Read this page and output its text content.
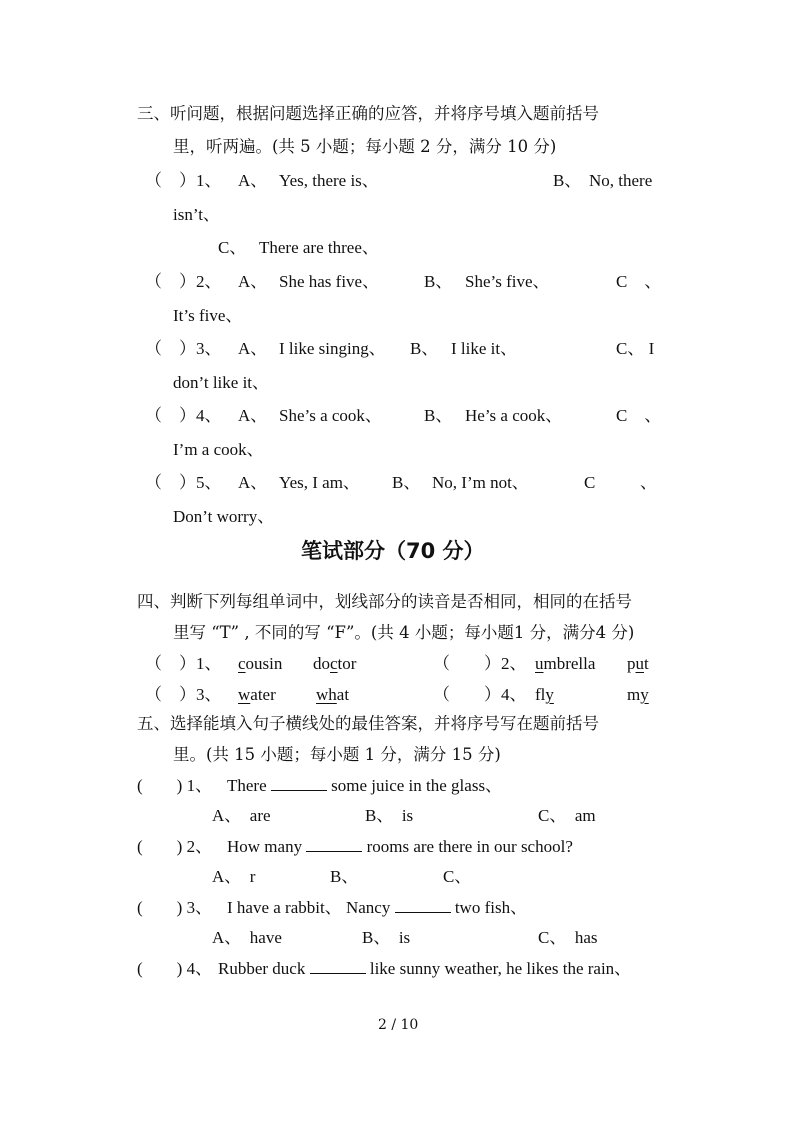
三、听问题，根据问题选择正确的应答，并将序号填入题前括号
里，听两遍。(共 5 小题；每小题 2 分，满分 10 分)
（　）1、 A、 Yes, there is、	B、 No, there
isn’t、
C、 There are three、
（　）2、 A、 She has five、	B、 She’s five、	C　、
It’s five、
（　）3、 A、 I like singing、 B、 I like it、	C、 I
don’t like it、
（　）4、 A、 She’s a cook、 B、 He’s a cook、	C　、
I’m a cook、
（　）5、 A、 Yes, I am、 B、 No, I’m not、	C	、
Don’t worry、
笔试部分（70 分）
四、判断下列每组单词中，划线部分的读音是否相同，相同的在括号
里写 “T” , 不同的写 “F”。(共 4 小题；每小题1 分，满分4 分)
（　）1、 cousin doctor	（　　）2、 umbrella put
（　）3、 water what	（　　）4、 fly	my
五、选择能填入句子横线处的最佳答案，并将序号写在题前括号
里。(共 15 小题；每小题 1 分，满分 15 分)
(　　) 1、 There	some juice in the glass、
A、　are	B、　is	C、　am
(　　) 2、 How many	rooms are there in our school?
A、　r	B、	C、
(　　) 3、 I have a rabbit、 Nancy	two fish、
A、　have	B、　is	C、　has
(　　) 4、 Rubber duck	like sunny weather, he likes the rain、
2 / 10
